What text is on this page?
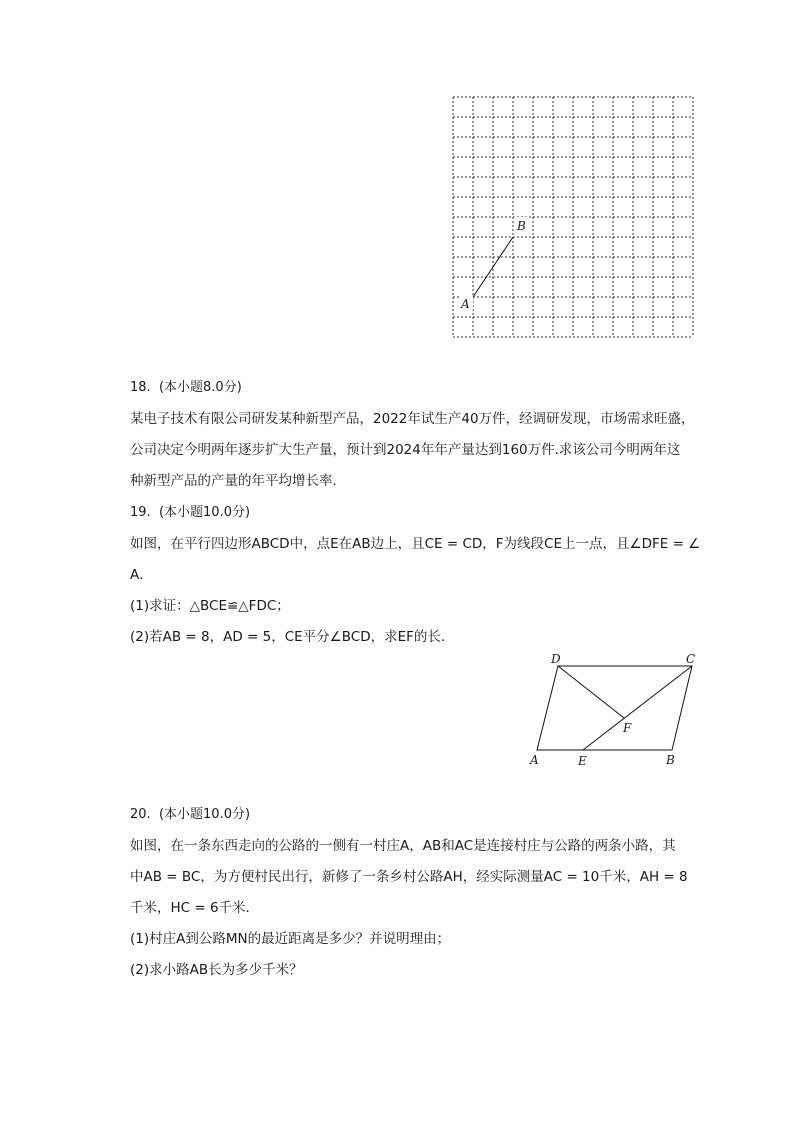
B
A
18. (本小题8.0分)
某电子技术有限公司研发某种新型产品，2022年试生产40万件，经调研发现，市场需求旺盛，
公司决定今明两年逐步扩大生产量，预计到2024年年产量达到160万件.求该公司今明两年这
种新型产品的产量的年平均增长率．
19. (本小题10.0分)
如图，在平行四边形ABCD中，点E在AB边上，且CE = CD，F为线段CE上一点，且∠DFE = ∠
A．
(1)求证：△BCE≌△FDC；
(2)若AB = 8，AD = 5，CE平分∠BCD，求EF的长．
D	C
F
A	E	B
20. (本小题10.0分)
如图，在一条东西走向的公路的一侧有一村庄A，AB和AC是连接村庄与公路的两条小路，其
中AB = BC，为方便村民出行，新修了一条乡村公路AH，经实际测量AC = 10千米，AH = 8
千米，HC = 6千米．
(1)村庄A到公路MN的最近距离是多少？并说明理由；
(2)求小路AB长为多少千米？
